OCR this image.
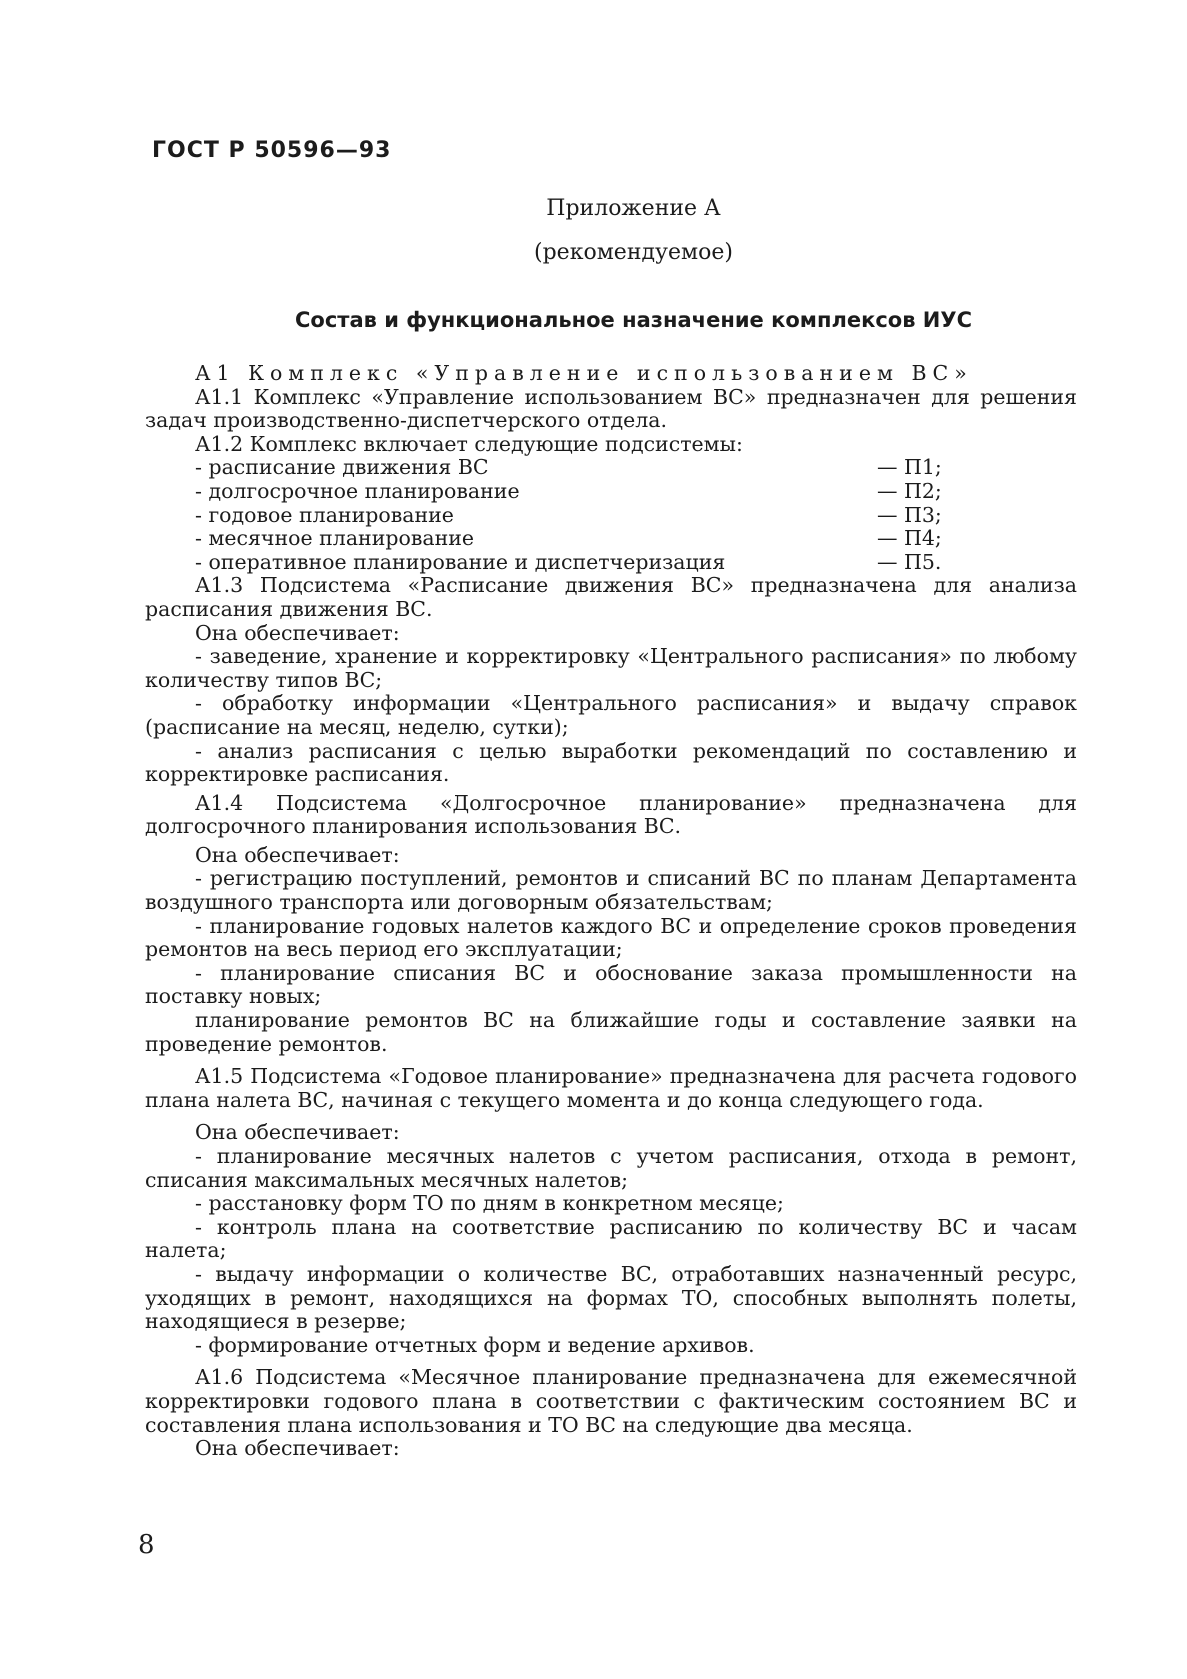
ГОСТ Р 50596—93
Приложение А
(рекомендуемое)
Состав и функциональное назначение комплексов ИУС

А1 Комплекс «Управление использованием ВС»

А1.1 Комплекс «Управление использованием ВС» предназначен для решения задач производственно-диспетчерского отдела.

А1.2 Комплекс включает следующие подсистемы:

- расписание движения ВС	— П1;
- долгосрочное планирование	— П2;
- годовое планирование	— П3;
- месячное планирование	— П4;
- оперативное планирование и диспетчеризация	— П5.

А1.3 Подсистема «Расписание движения ВС» предназначена для анализа расписания движения ВС.

Она обеспечивает:

- заведение, хранение и корректировку «Центрального расписания» по любому количеству типов ВС;

- обработку информации «Центрального расписания» и выдачу справок (расписание на месяц, неделю, сутки);

- анализ расписания с целью выработки рекомендаций по составлению и корректировке расписания.

А1.4 Подсистема «Долгосрочное планирование» предназначена для долгосрочного планирования использования ВС.

Она обеспечивает:

- регистрацию поступлений, ремонтов и списаний ВС по планам Департамента воздушного транспорта или договорным обязательствам;

- планирование годовых налетов каждого ВС и определение сроков проведения ремонтов на весь период его эксплуатации;

- планирование списания ВС и обоснование заказа промышленности на поставку новых;

планирование ремонтов ВС на ближайшие годы и составление заявки на проведение ремонтов.

А1.5 Подсистема «Годовое планирование» предназначена для расчета годового плана налета ВС, начиная с текущего момента и до конца следующего года.

Она обеспечивает:

- планирование месячных налетов с учетом расписания, отхода в ремонт, списания максимальных месячных налетов;

- расстановку форм ТО по дням в конкретном месяце;

- контроль плана на соответствие расписанию по количеству ВС и часам налета;

- выдачу информации о количестве ВС, отработавших назначенный ресурс, уходящих в ремонт, находящихся на формах ТО, способных выполнять полеты, находящиеся в резерве;

- формирование отчетных форм и ведение архивов.

А1.6 Подсистема «Месячное планирование предназначена для ежемесячной корректировки годового плана в соответствии с фактическим состоянием ВС и составления плана использования и ТО ВС на следующие два месяца.

Она обеспечивает:

8
